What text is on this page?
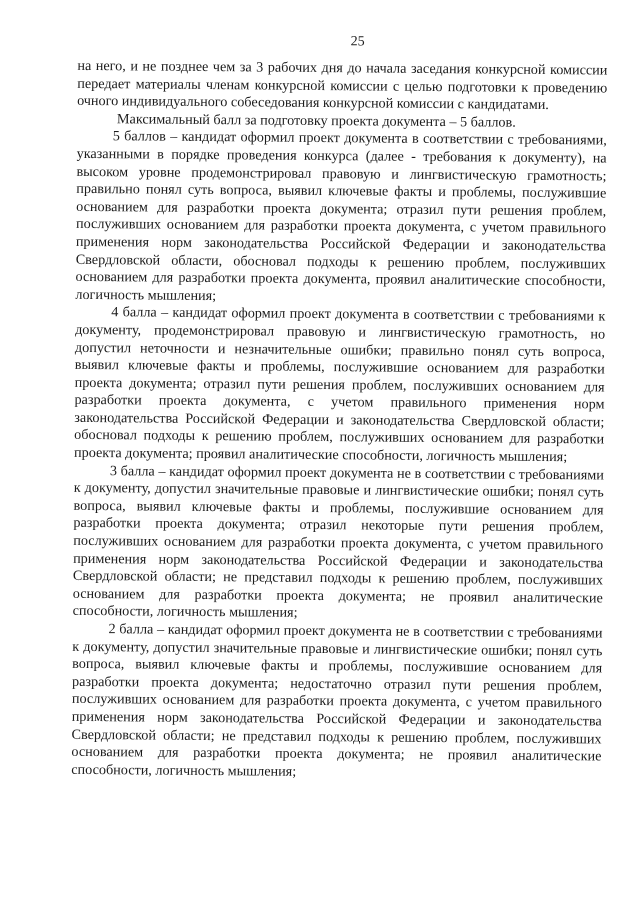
25

на него, и не позднее чем за 3 рабочих дня до начала заседания конкурсной комиссии передает материалы членам конкурсной комиссии с целью подготовки к проведению очного индивидуального собеседования конкурсной комиссии с кандидатами.

Максимальный балл за подготовку проекта документа – 5 баллов.

5 баллов – кандидат оформил проект документа в соответствии с требованиями, указанными в порядке проведения конкурса (далее - требования к документу), на высоком уровне продемонстрировал правовую и лингвистическую грамотность; правильно понял суть вопроса, выявил ключевые факты и проблемы, послужившие основанием для разработки проекта документа; отразил пути решения проблем, послуживших основанием для разработки проекта документа, с учетом правильного применения норм законодательства Российской Федерации и законодательства Свердловской области, обосновал подходы к решению проблем, послуживших основанием для разработки проекта документа, проявил аналитические способности, логичность мышления;

4 балла – кандидат оформил проект документа в соответствии с требованиями к документу, продемонстрировал правовую и лингвистическую грамотность, но допустил неточности и незначительные ошибки; правильно понял суть вопроса, выявил ключевые факты и проблемы, послужившие основанием для разработки проекта документа; отразил пути решения проблем, послуживших основанием для разработки проекта документа, с учетом правильного применения норм законодательства Российской Федерации и законодательства Свердловской области; обосновал подходы к решению проблем, послуживших основанием для разработки проекта документа; проявил аналитические способности, логичность мышления;

3 балла – кандидат оформил проект документа не в соответствии с требованиями к документу, допустил значительные правовые и лингвистические ошибки; понял суть вопроса, выявил ключевые факты и проблемы, послужившие основанием для разработки проекта документа; отразил некоторые пути решения проблем, послуживших основанием для разработки проекта документа, с учетом правильного применения норм законодательства Российской Федерации и законодательства Свердловской области; не представил подходы к решению проблем, послуживших основанием для разработки проекта документа; не проявил аналитические способности, логичность мышления;

2 балла – кандидат оформил проект документа не в соответствии с требованиями к документу, допустил значительные правовые и лингвистические ошибки; понял суть вопроса, выявил ключевые факты и проблемы, послужившие основанием для разработки проекта документа; недостаточно отразил пути решения проблем, послуживших основанием для разработки проекта документа, с учетом правильного применения норм законодательства Российской Федерации и законодательства Свердловской области; не представил подходы к решению проблем, послуживших основанием для разработки проекта документа; не проявил аналитические способности, логичность мышления;
